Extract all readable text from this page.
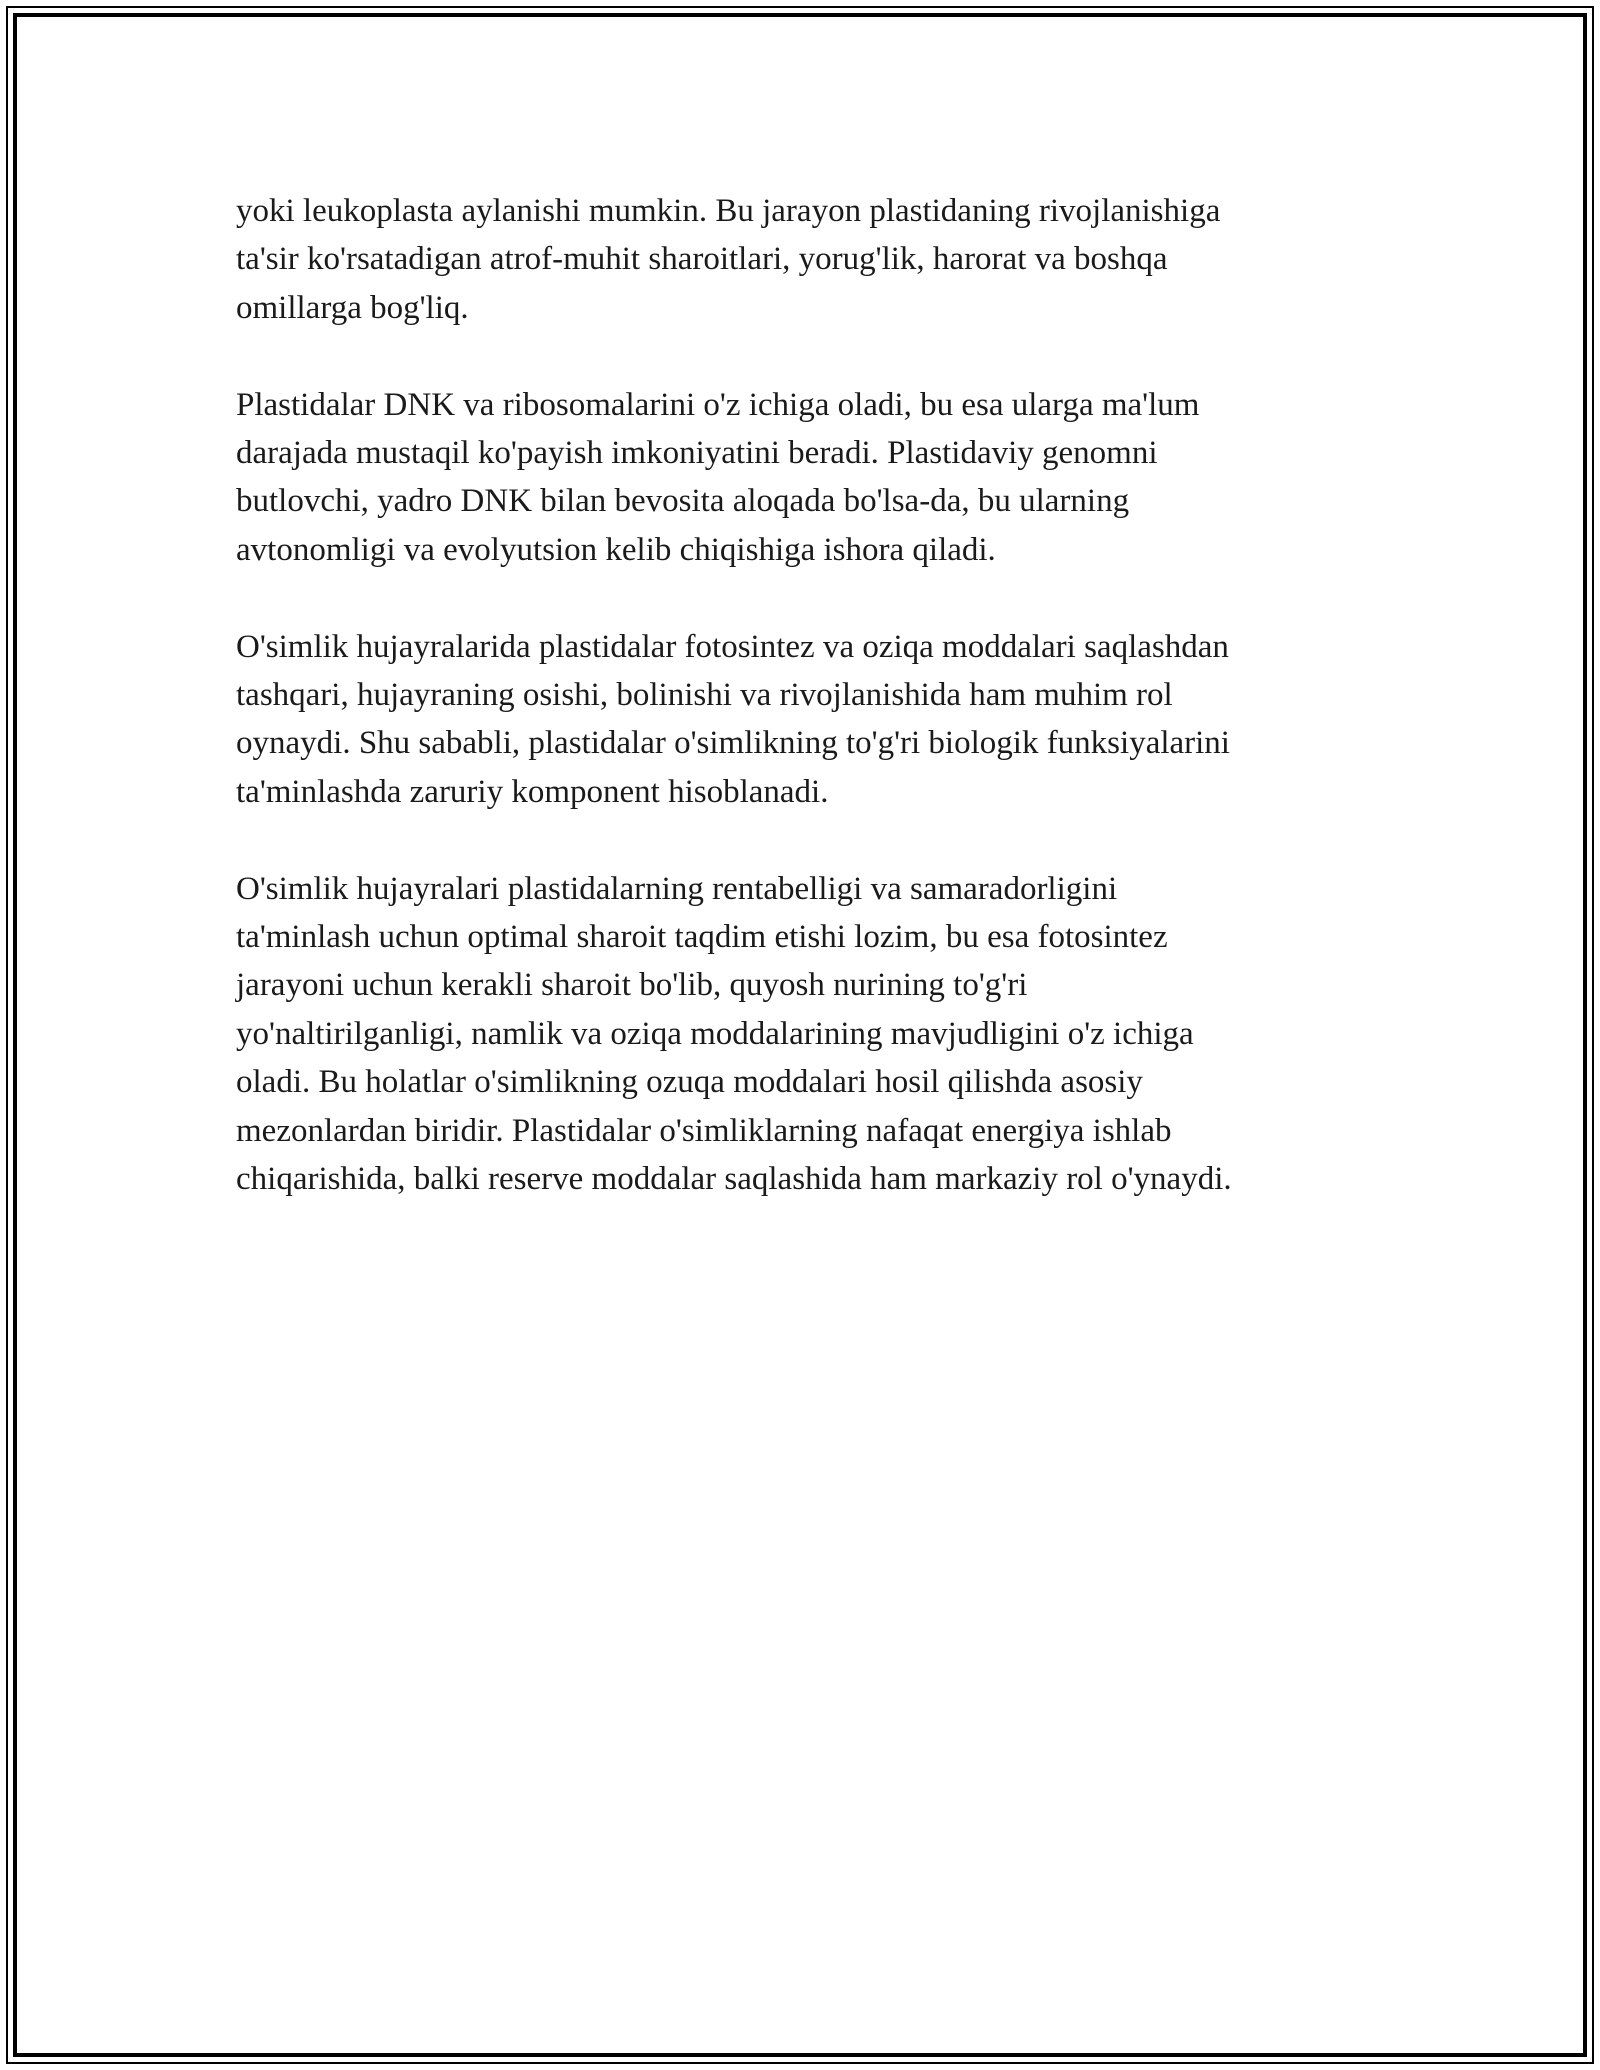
yoki leukoplasta aylanishi mumkin. Bu jarayon plastidaning rivojlanishiga
ta'sir ko'rsatadigan atrof-muhit sharoitlari, yorug'lik, harorat va boshqa
omillarga bog'liq.

Plastidalar DNK va ribosomalarini o'z ichiga oladi, bu esa ularga ma'lum
darajada mustaqil ko'payish imkoniyatini beradi. Plastidaviy genomni
butlovchi, yadro DNK bilan bevosita aloqada bo'lsa-da, bu ularning
avtonomligi va evolyutsion kelib chiqishiga ishora qiladi.

O'simlik hujayralarida plastidalar fotosintez va oziqa moddalari saqlashdan
tashqari, hujayraning osishi, bolinishi va rivojlanishida ham muhim rol
oynaydi. Shu sababli, plastidalar o'simlikning to'g'ri biologik funksiyalarini
ta'minlashda zaruriy komponent hisoblanadi.

O'simlik hujayralari plastidalarning rentabelligi va samaradorligini
ta'minlash uchun optimal sharoit taqdim etishi lozim, bu esa fotosintez
jarayoni uchun kerakli sharoit bo'lib, quyosh nurining to'g'ri
yo'naltirilganligi, namlik va oziqa moddalarining mavjudligini o'z ichiga
oladi. Bu holatlar o'simlikning ozuqa moddalari hosil qilishda asosiy
mezonlardan biridir. Plastidalar o'simliklarning nafaqat energiya ishlab
chiqarishida, balki reserve moddalar saqlashida ham markaziy rol o'ynaydi.
